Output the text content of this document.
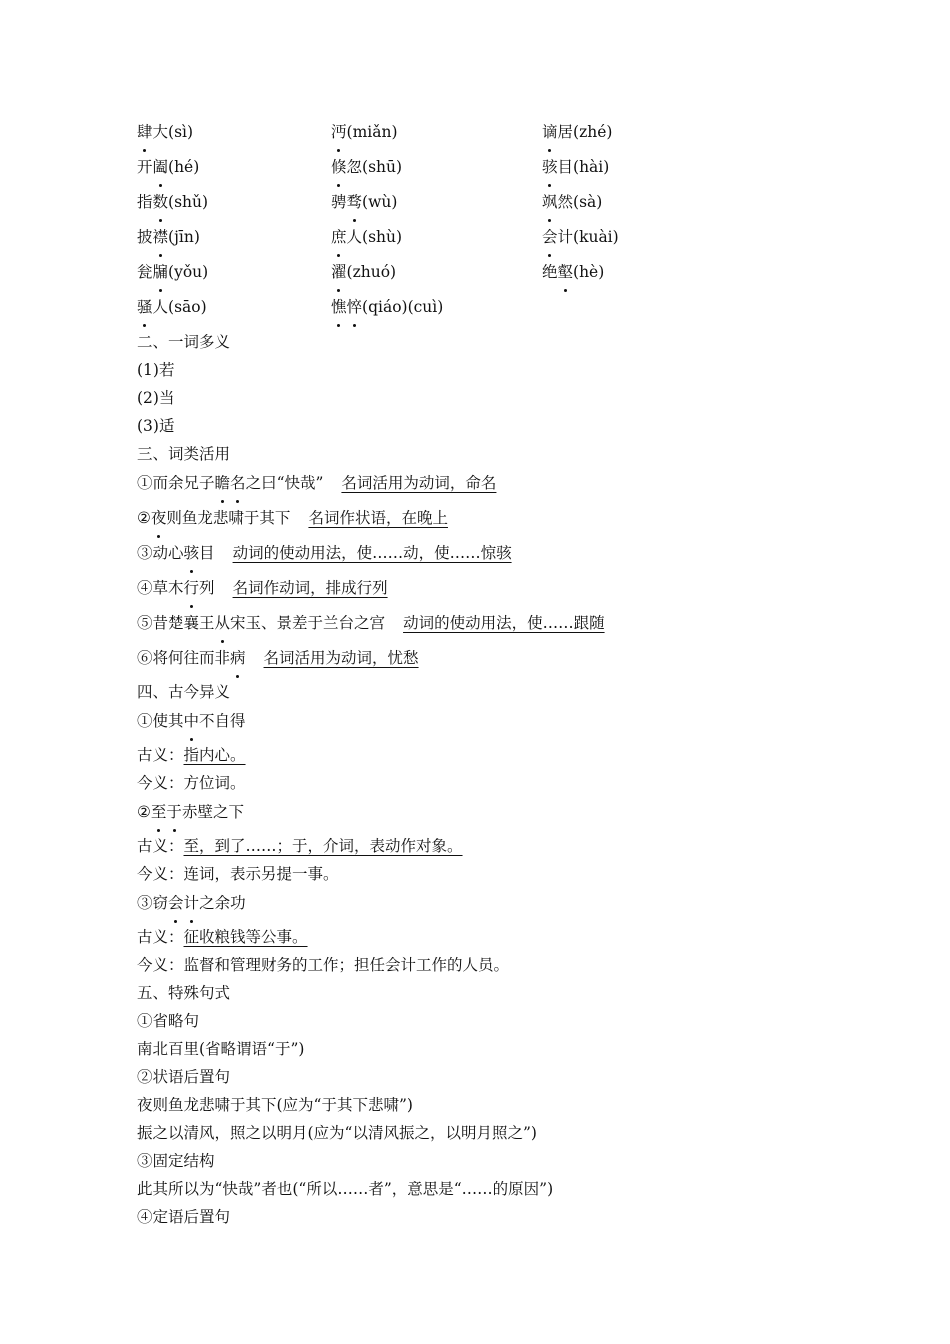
肆大(sì)	沔(miǎn)	谪居(zhé)
开阖(hé)	倏忽(shū)	骇目(hài)
指数(shǔ)	骋骛(wù)	飒然(sà)
披襟(jīn)	庶人(shù)	会计(kuài)
瓮牖(yǒu)	濯(zhuó)	绝壑(hè)
骚人(sāo)	憔悴(qiáo)(cuì)
二、一词多义
(1)若
(2)当
(3)适
三、词类活用
①而余兄子瞻名之曰“快哉” 名词活用为动词，命名
②夜则鱼龙悲啸于其下 名词作状语，在晚上
③动心骇目 动词的使动用法，使……动，使……惊骇
④草木行列 名词作动词，排成行列
⑤昔楚襄王从宋玉、景差于兰台之宫 动词的使动用法，使……跟随
⑥将何往而非病 名词活用为动词，忧愁
四、古今异义
①使其中不自得
古义：指内心。
今义：方位词。
②至于赤壁之下
古义：至，到了……；于，介词，表动作对象。
今义：连词，表示另提一事。
③窃会计之余功
古义：征收粮钱等公事。
今义：监督和管理财务的工作；担任会计工作的人员。
五、特殊句式
①省略句
南北百里(省略谓语“于”)
②状语后置句
夜则鱼龙悲啸于其下(应为“于其下悲啸”)
振之以清风，照之以明月(应为“以清风振之，以明月照之”)
③固定结构
此其所以为“快哉”者也(“所以……者”，意思是“……的原因”)
④定语后置句
